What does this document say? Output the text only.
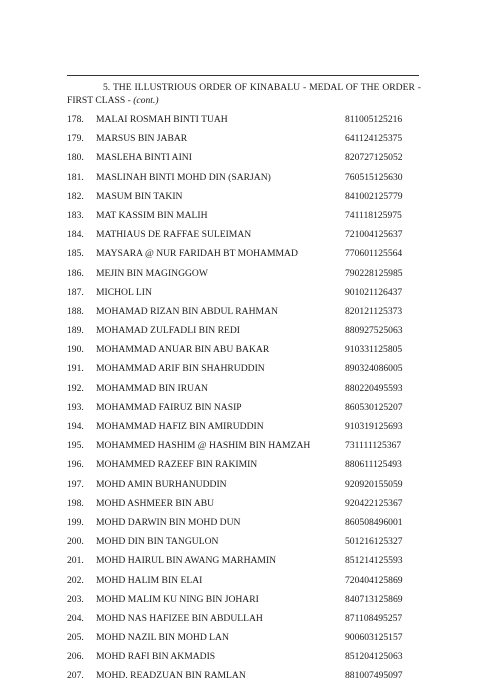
5. THE ILLUSTRIOUS ORDER OF KINABALU - MEDAL OF THE ORDER -
FIRST CLASS - (cont.)
178.	MALAI ROSMAH BINTI TUAH	811005125216
179.	MARSUS BIN JABAR	641124125375
180.	MASLEHA BINTI AINI	820727125052
181.	MASLINAH BINTI MOHD DIN (SARJAN)	760515125630
182.	MASUM BIN TAKIN	841002125779
183.	MAT KASSIM BIN MALIH	741118125975
184.	MATHIAUS DE RAFFAE SULEIMAN	721004125637
185.	MAYSARA @ NUR FARIDAH BT MOHAMMAD	770601125564
186.	MEJIN BIN MAGINGGOW	790228125985
187.	MICHOL LIN	901021126437
188.	MOHAMAD RIZAN BIN ABDUL RAHMAN	820121125373
189.	MOHAMAD ZULFADLI BIN REDI	880927525063
190.	MOHAMMAD ANUAR BIN ABU BAKAR	910331125805
191.	MOHAMMAD ARIF BIN SHAHRUDDIN	890324086005
192.	MOHAMMAD BIN IRUAN	880220495593
193.	MOHAMMAD FAIRUZ BIN NASIP	860530125207
194.	MOHAMMAD HAFIZ BIN AMIRUDDIN	910319125693
195.	MOHAMMED HASHIM @ HASHIM BIN HAMZAH	731111125367
196.	MOHAMMED RAZEEF BIN RAKIMIN	880611125493
197.	MOHD AMIN BURHANUDDIN	920920155059
198.	MOHD ASHMEER BIN ABU	920422125367
199.	MOHD DARWIN BIN MOHD DUN	860508496001
200.	MOHD DIN BIN TANGULON	501216125327
201.	MOHD HAIRUL BIN AWANG MARHAMIN	851214125593
202.	MOHD HALIM BIN ELAI	720404125869
203.	MOHD MALIM KU NING BIN JOHARI	840713125869
204.	MOHD NAS HAFIZEE BIN ABDULLAH	871108495257
205.	MOHD NAZIL BIN MOHD LAN	900603125157
206.	MOHD RAFI BIN AKMADIS	851204125063
207.	MOHD. READZUAN BIN RAMLAN	881007495097
